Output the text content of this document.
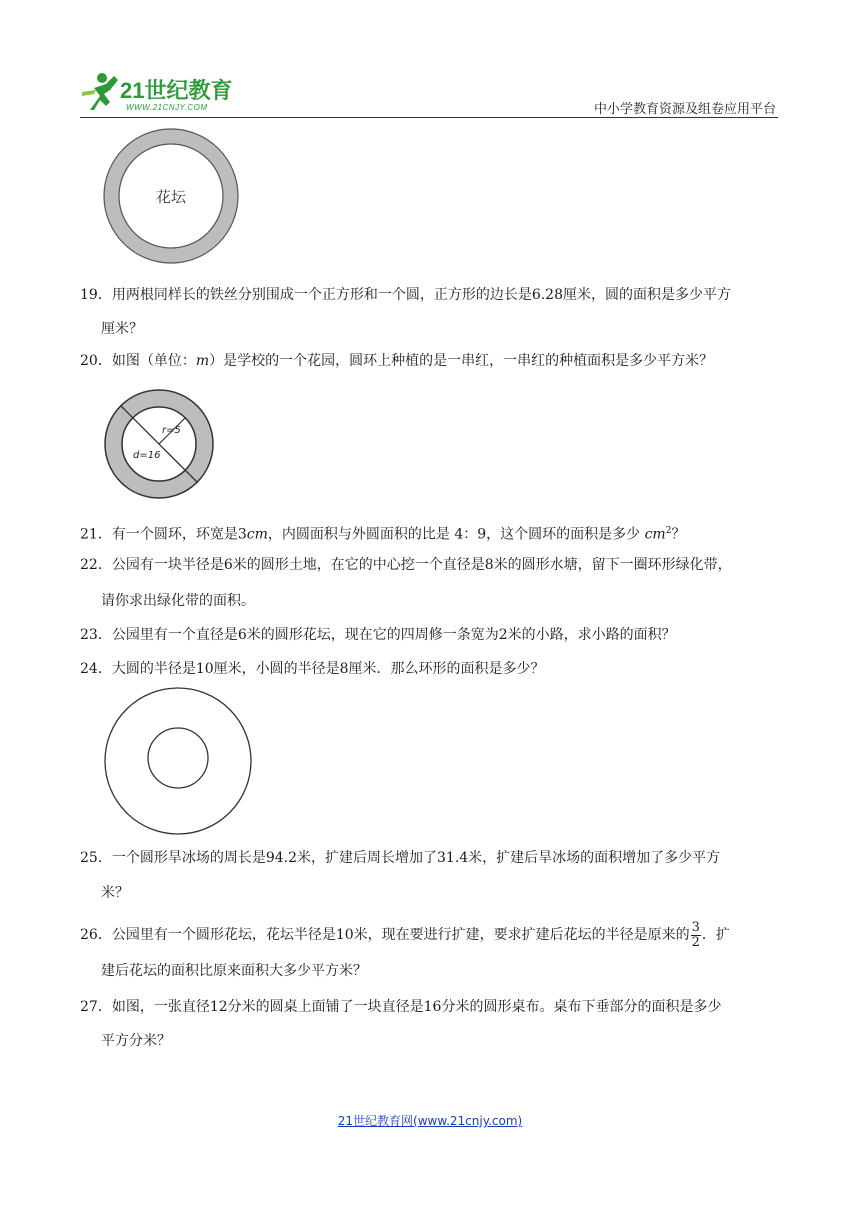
21世纪教育
WWW.21CNJY.COM	中小学教育资源及组卷应用平台
花坛
19．用两根同样长的铁丝分别围成一个正方形和一个圆，正方形的边长是6.28厘米，圆的面积是多少平方
厘米？
20．如图（单位：m）是学校的一个花园，圆环上种植的是一串红，一串红的种植面积是多少平方米？
r=5
d=16
21．有一个圆环，环宽是3cm，内圆面积与外圆面积的比是 4：9，这个圆环的面积是多少 $cm^2$？
22．公园有一块半径是6米的圆形土地，在它的中心挖一个直径是8米的圆形水塘，留下一圈环形绿化带，
请你求出绿化带的面积。
23．公园里有一个直径是6米的圆形花坛，现在它的四周修一条宽为2米的小路，求小路的面积？
24．大圆的半径是10厘米，小圆的半径是8厘米．那么环形的面积是多少？
25．一个圆形旱冰场的周长是94.2米，扩建后周长增加了31.4米，扩建后旱冰场的面积增加了多少平方
米？
26．公园里有一个圆形花坛，花坛半径是10米，现在要进行扩建，要求扩建后花坛的半径是原来的 $\frac{3}{2}$ ．扩
建后花坛的面积比原来面积大多少平方米？
27．如图，一张直径12分米的圆桌上面铺了一块直径是16分米的圆形桌布。桌布下垂部分的面积是多少
平方分米？
21世纪教育网(www.21cnjy.com)
